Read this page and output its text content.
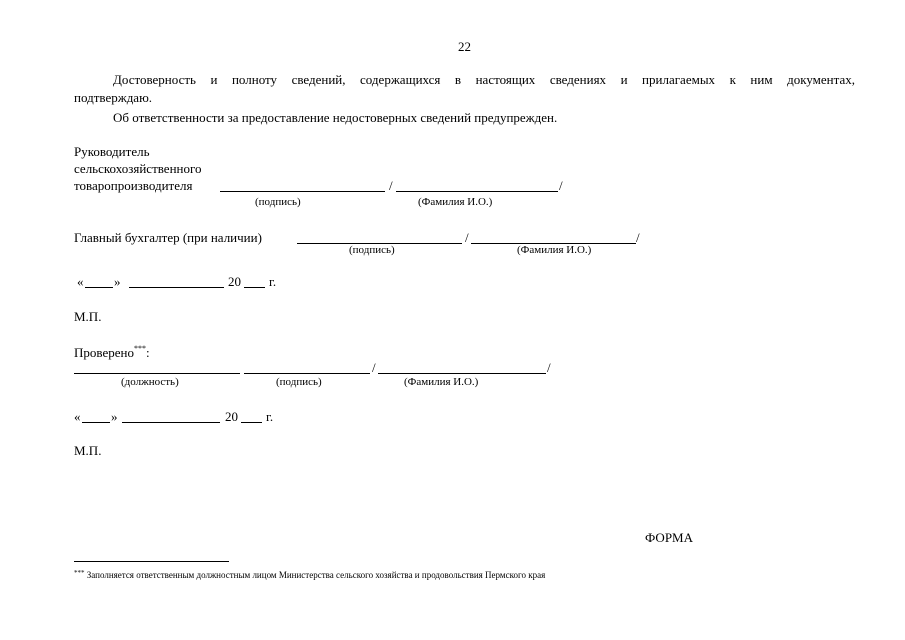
22
Достоверность и полноту сведений, содержащихся в настоящих сведениях и прилагаемых к ним документах,
подтверждаю.
Об ответственности за предоставление недостоверных сведений предупрежден.
Руководитель
сельскохозяйственного
товаропроизводителя	/	/
(подпись)	(Фамилия И.О.)
Главный бухгалтер (при наличии)	/	/
(подпись)	(Фамилия И.О.)
« »	20 г.
М.П.
Проверено***:
/	/
(должность)	(подпись)	(Фамилия И.О.)
« »	20 г.
М.П.
ФОРМА
*** Заполняется ответственным должностным лицом Министерства сельского хозяйства и продовольствия Пермского края
